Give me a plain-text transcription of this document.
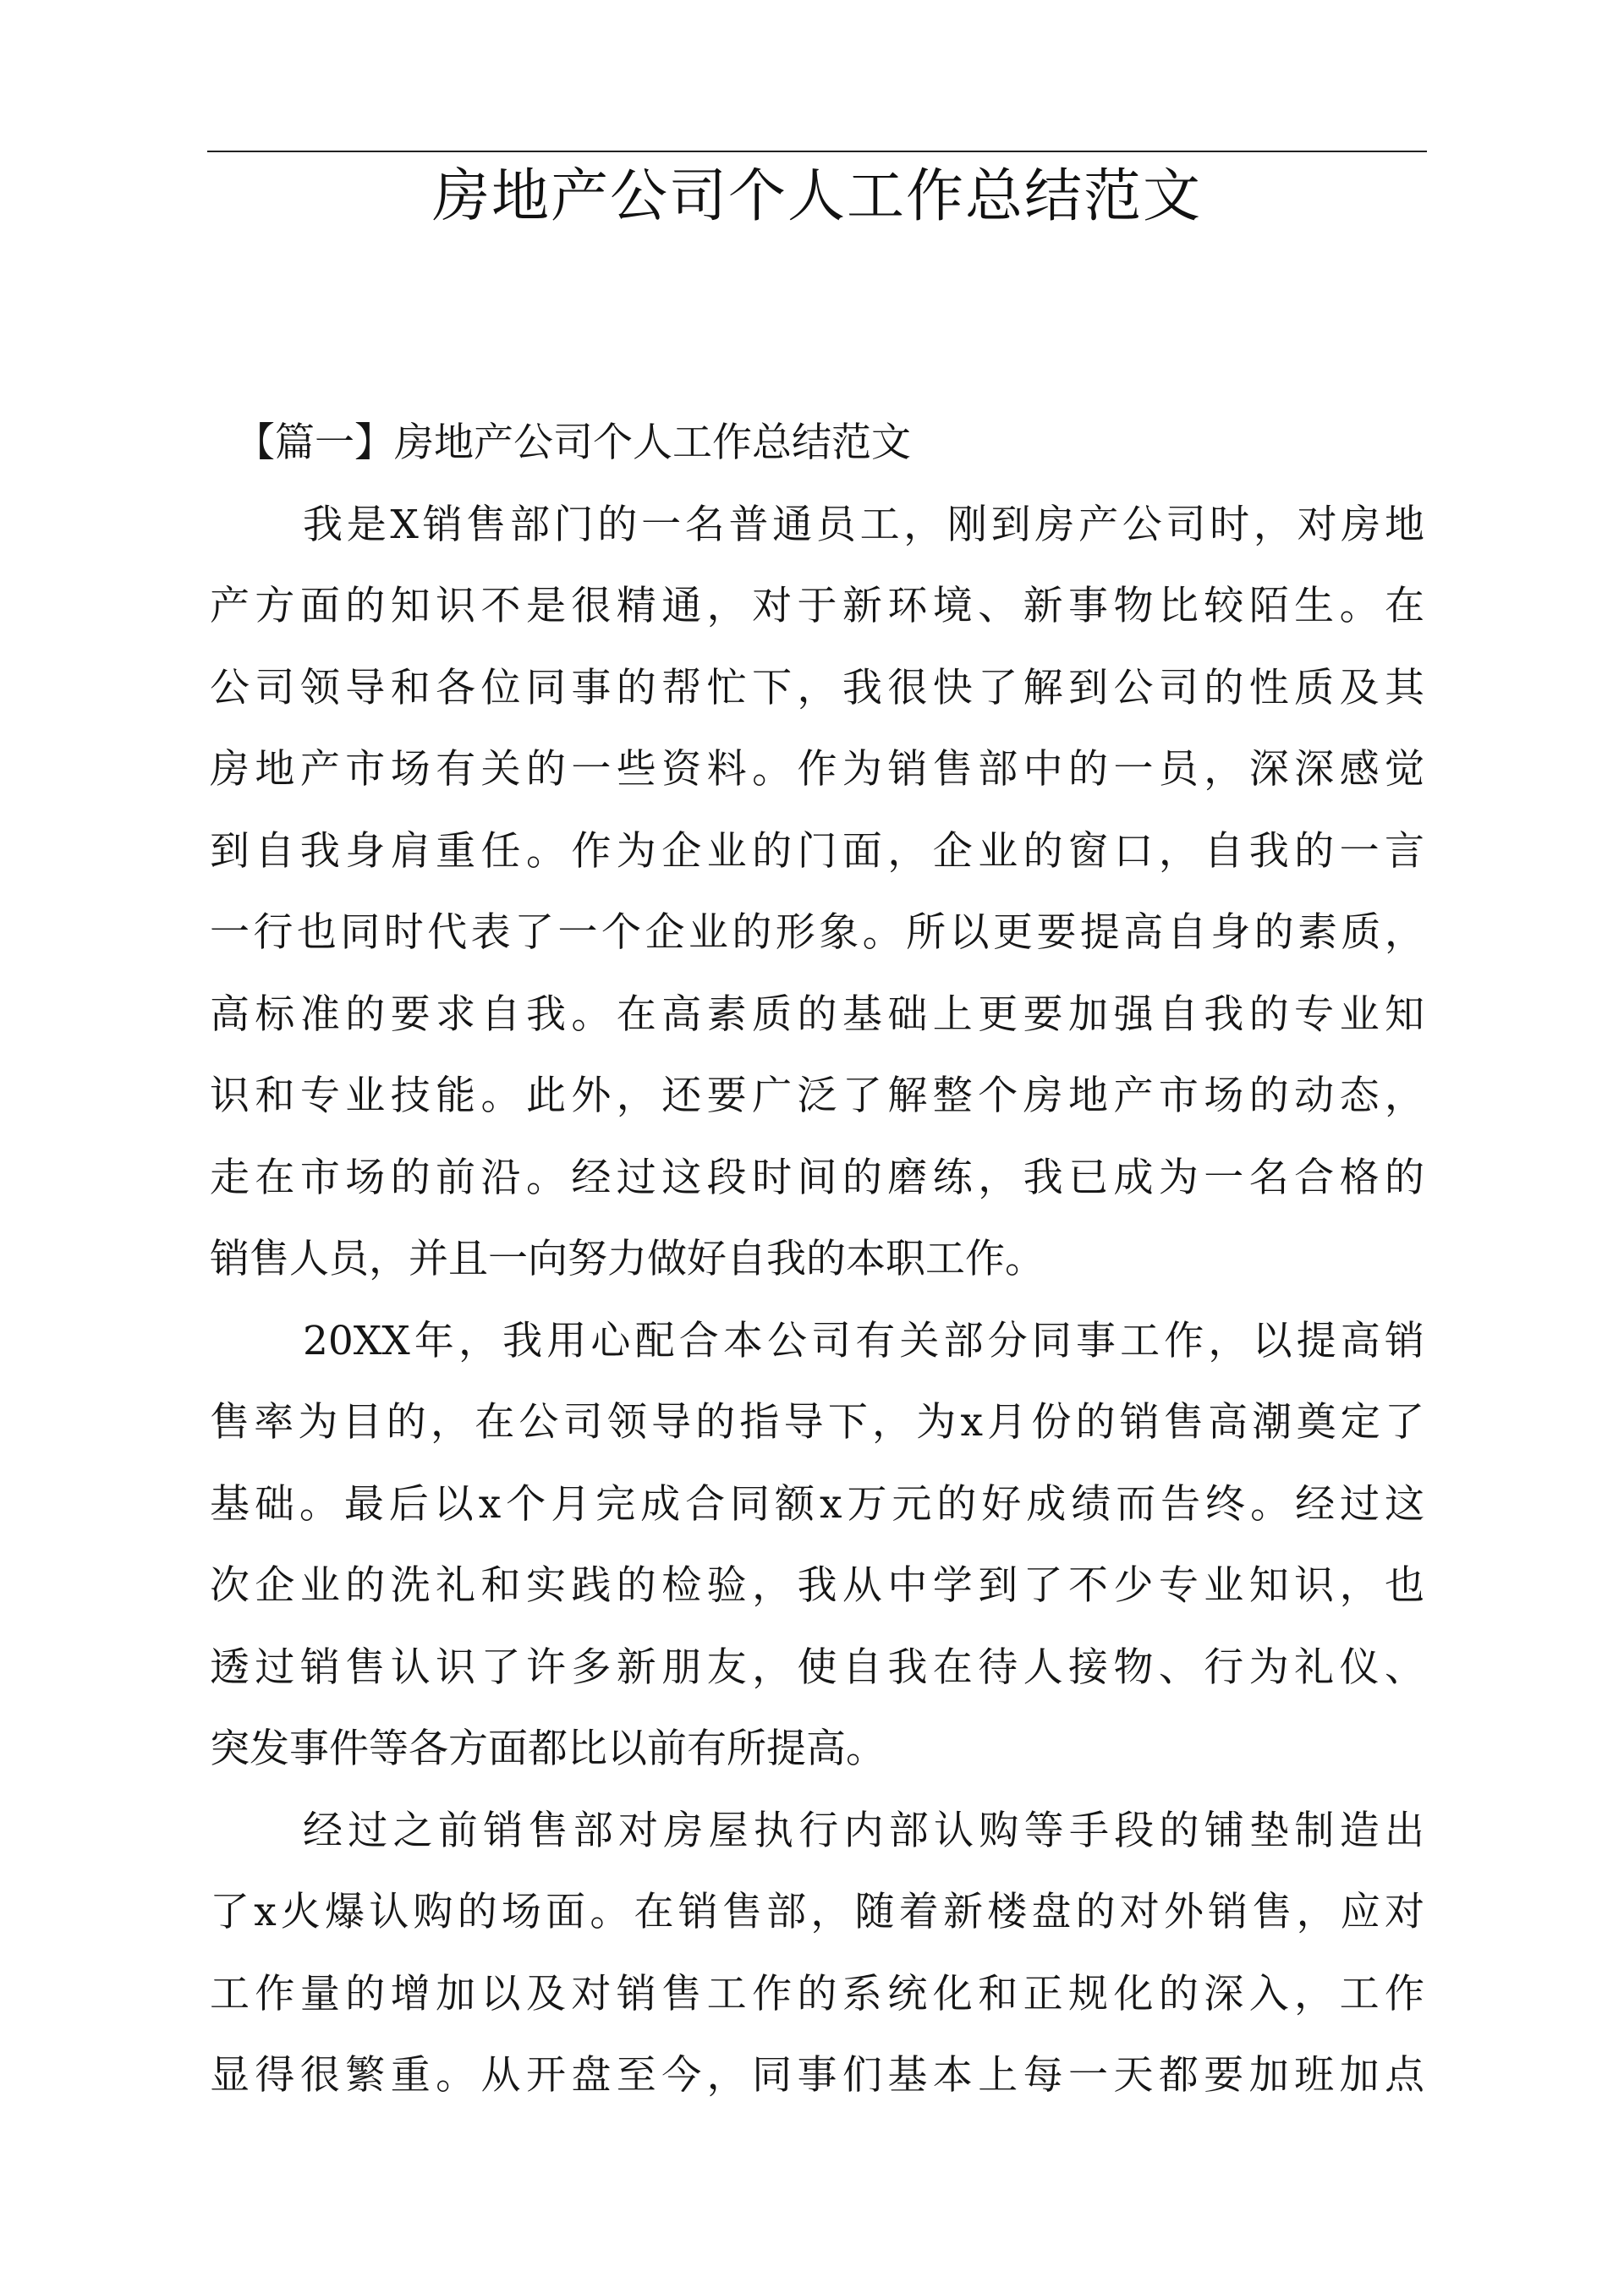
房地产公司个人工作总结范文
【篇一】房地产公司个人工作总结范文
我是X销售部门的一名普通员工，刚到房产公司时，对房地
产方面的知识不是很精通，对于新环境、新事物比较陌生。在
公司领导和各位同事的帮忙下，我很快了解到公司的性质及其
房地产市场有关的一些资料。作为销售部中的一员，深深感觉
到自我身肩重任。作为企业的门面，企业的窗口，自我的一言
一行也同时代表了一个企业的形象。所以更要提高自身的素质，
高标准的要求自我。在高素质的基础上更要加强自我的专业知
识和专业技能。此外，还要广泛了解整个房地产市场的动态，
走在市场的前沿。经过这段时间的磨练，我已成为一名合格的
销售人员，并且一向努力做好自我的本职工作。
20XX年，我用心配合本公司有关部分同事工作，以提高销
售率为目的，在公司领导的指导下，为x月份的销售高潮奠定了
基础。最后以x个月完成合同额x万元的好成绩而告终。经过这
次企业的洗礼和实践的检验，我从中学到了不少专业知识，也
透过销售认识了许多新朋友，使自我在待人接物、行为礼仪、
突发事件等各方面都比以前有所提高。
经过之前销售部对房屋执行内部认购等手段的铺垫制造出
了x火爆认购的场面。在销售部，随着新楼盘的对外销售，应对
工作量的增加以及对销售工作的系统化和正规化的深入，工作
显得很繁重。从开盘至今，同事们基本上每一天都要加班加点
